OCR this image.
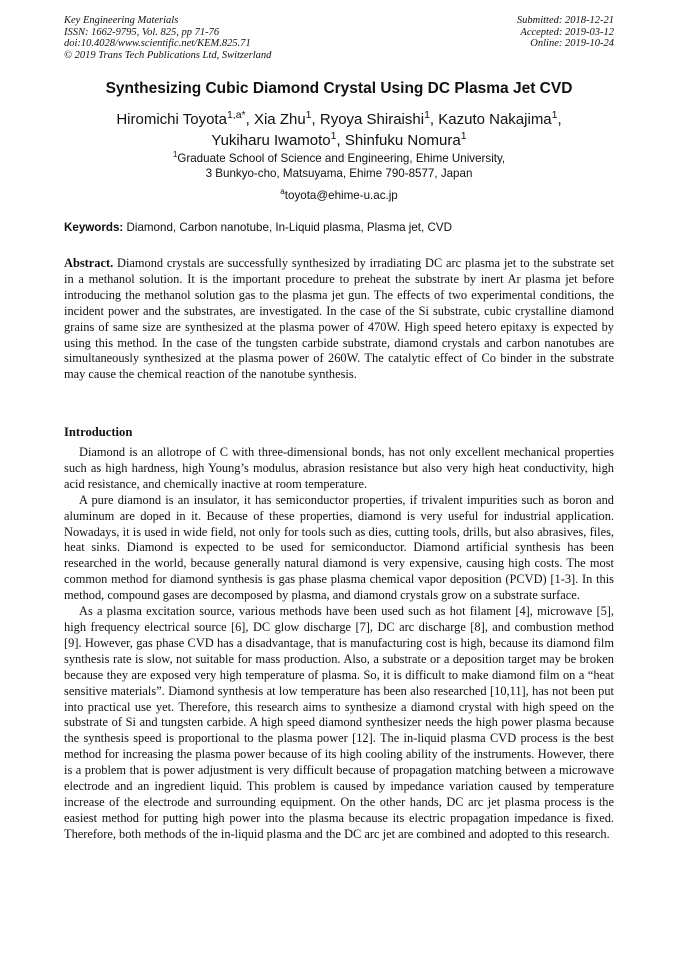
Key Engineering Materials
ISSN: 1662-9795, Vol. 825, pp 71-76
doi:10.4028/www.scientific.net/KEM.825.71
© 2019 Trans Tech Publications Ltd, Switzerland
Submitted: 2018-12-21
Accepted: 2019-03-12
Online: 2019-10-24
Synthesizing Cubic Diamond Crystal Using DC Plasma Jet CVD
Hiromichi Toyota$^{1,a*}$, Xia Zhu$^1$, Ryoya Shiraishi$^1$, Kazuto Nakajima$^1$,
Yukiharu Iwamoto$^1$, Shinfuku Nomura$^1$
$^1$Graduate School of Science and Engineering, Ehime University,
3 Bunkyo-cho, Matsuyama, Ehime 790-8577, Japan
$^a$toyota@ehime-u.ac.jp
Keywords: Diamond, Carbon nanotube, In-Liquid plasma, Plasma jet, CVD

Abstract. Diamond crystals are successfully synthesized by irradiating DC arc plasma jet to the substrate set in a methanol solution. It is the important procedure to preheat the substrate by inert Ar plasma jet before introducing the methanol solution gas to the plasma jet gun. The effects of two experimental conditions, the incident power and the substrates, are investigated. In the case of the Si substrate, cubic crystalline diamond grains of same size are synthesized at the plasma power of 470W. High speed hetero epitaxy is expected by using this method. In the case of the tungsten carbide substrate, diamond crystals and carbon nanotubes are simultaneously synthesized at the plasma power of 260W. The catalytic effect of Co binder in the substrate may cause the chemical reaction of the nanotube synthesis.

Introduction

Diamond is an allotrope of C with three-dimensional bonds, has not only excellent mechanical properties such as high hardness, high Young’s modulus, abrasion resistance but also very high heat conductivity, high acid resistance, and chemically inactive at room temperature.

A pure diamond is an insulator, it has semiconductor properties, if trivalent impurities such as boron and aluminum are doped in it. Because of these properties, diamond is very useful for industrial application. Nowadays, it is used in wide field, not only for tools such as dies, cutting tools, drills, but also abrasives, files, heat sinks. Diamond is expected to be used for semiconductor. Diamond artificial synthesis has been researched in the world, because generally natural diamond is very expensive, causing high costs. The most common method for diamond synthesis is gas phase plasma chemical vapor deposition (PCVD) [1-3]. In this method, compound gases are decomposed by plasma, and diamond crystals grow on a substrate surface.

As a plasma excitation source, various methods have been used such as hot filament [4], microwave [5], high frequency electrical source [6], DC glow discharge [7], DC arc discharge [8], and combustion method [9]. However, gas phase CVD has a disadvantage, that is manufacturing cost is high, because its diamond film synthesis rate is slow, not suitable for mass production. Also, a substrate or a deposition target may be broken because they are exposed very high temperature of plasma. So, it is difficult to make diamond film on a “heat sensitive materials”. Diamond synthesis at low temperature has been also researched [10,11], has not been put into practical use yet. Therefore, this research aims to synthesize a diamond crystal with high speed on the substrate of Si and tungsten carbide. A high speed diamond synthesizer needs the high power plasma because the synthesis speed is proportional to the plasma power [12]. The in-liquid plasma CVD process is the best method for increasing the plasma power because of its high cooling ability of the instruments. However, there is a problem that is power adjustment is very difficult because of propagation matching between a microwave electrode and an ingredient liquid. This problem is caused by impedance variation caused by temperature increase of the electrode and surrounding equipment. On the other hands, DC arc jet plasma process is the easiest method for putting high power into the plasma because its electric propagation impedance is fixed. Therefore, both methods of the in-liquid plasma and the DC arc jet are combined and adopted to this research.
